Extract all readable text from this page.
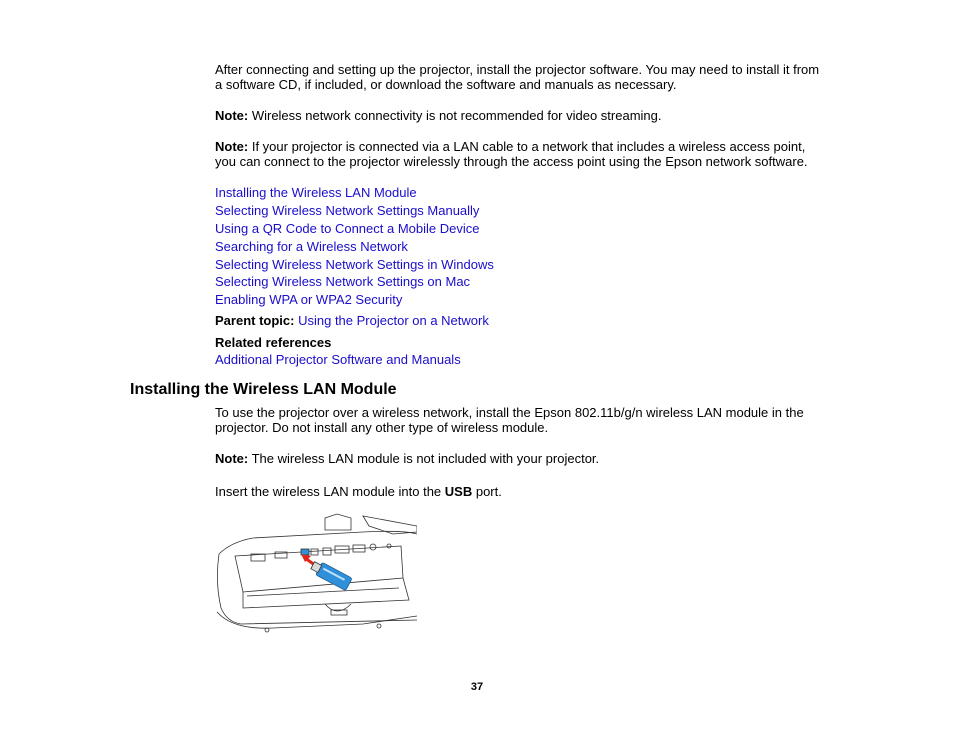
After connecting and setting up the projector, install the projector software. You may need to install it from a software CD, if included, or download the software and manuals as necessary.

Note: Wireless network connectivity is not recommended for video streaming.

Note: If your projector is connected via a LAN cable to a network that includes a wireless access point, you can connect to the projector wirelessly through the access point using the Epson network software.

Installing the Wireless LAN Module
Selecting Wireless Network Settings Manually
Using a QR Code to Connect a Mobile Device
Searching for a Wireless Network
Selecting Wireless Network Settings in Windows
Selecting Wireless Network Settings on Mac
Enabling WPA or WPA2 Security

Parent topic: Using the Projector on a Network

Related references

Additional Projector Software and Manuals

Installing the Wireless LAN Module

To use the projector over a wireless network, install the Epson 802.11b/g/n wireless LAN module in the projector. Do not install any other type of wireless module.

Note: The wireless LAN module is not included with your projector.

Insert the wireless LAN module into the USB port.

37
